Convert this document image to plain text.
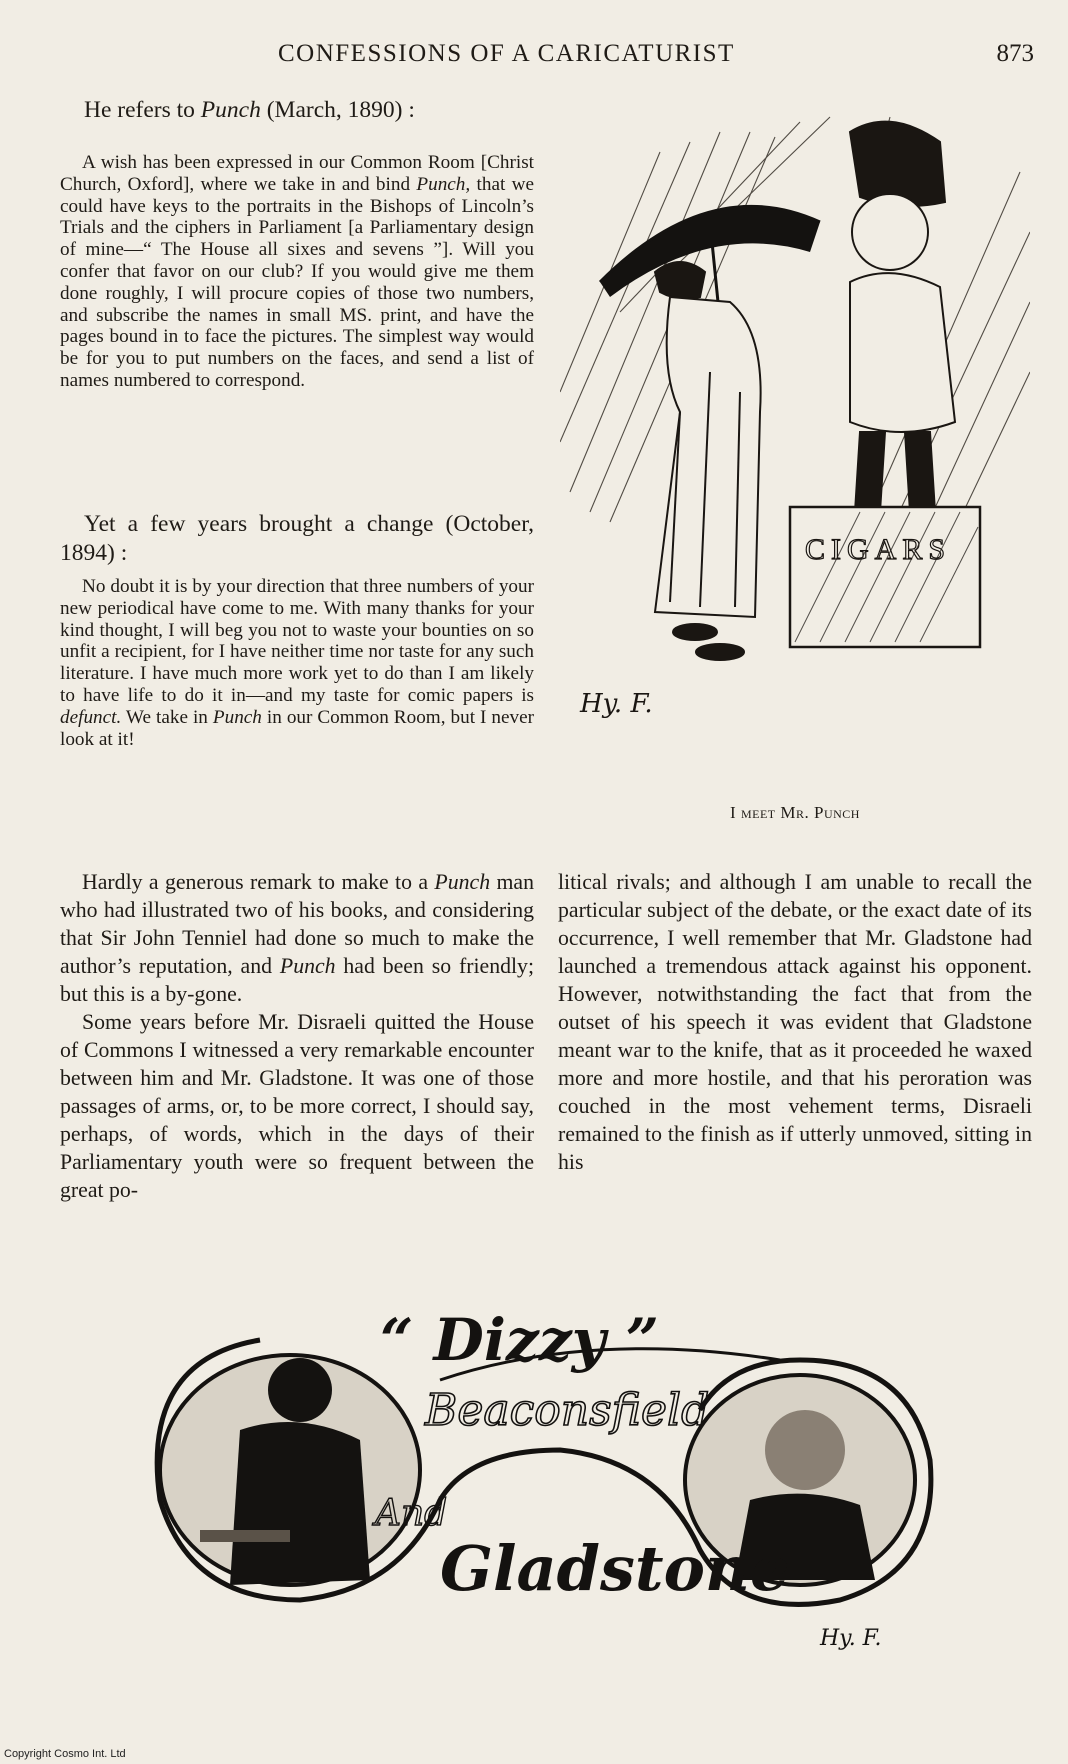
CONFESSIONS OF A CARICATURIST	873

He refers to Punch (March, 1890) :

A wish has been expressed in our Common Room [Christ Church, Oxford], where we take in and bind Punch, that we could have keys to the portraits in the Bishops of Lincoln’s Trials and the ciphers in Parliament [a Parliamentary design of mine—“ The House all sixes and sevens ”]. Will you confer that favor on our club? If you would give me them done roughly, I will procure copies of those two numbers, and subscribe the names in small MS. print, and have the pages bound in to face the pictures. The simplest way would be for you to put numbers on the faces, and send a list of names numbered to correspond.

Yet a few years brought a change (October, 1894) :

No doubt it is by your direction that three numbers of your new periodical have come to me. With many thanks for your kind thought, I will beg you not to waste your bounties on so unfit a recipient, for I have neither time nor taste for any such literature. I have much more work yet to do than I am likely to have life to do it in—and my taste for comic papers is defunct. We take in Punch in our Common Room, but I never look at it!

CIGARS
Hy. F.
I meet Mr. Punch

Hardly a generous remark to make to a Punch man who had illustrated two of his books, and considering that Sir John Tenniel had done so much to make the author’s reputation, and Punch had been so friendly; but this is a by-gone.

Some years before Mr. Disraeli quitted the House of Commons I witnessed a very remarkable encounter between him and Mr. Gladstone. It was one of those passages of arms, or, to be more correct, I should say, perhaps, of words, which in the days of their Parliamentary youth were so frequent between the great po-

litical rivals; and although I am unable to recall the particular subject of the debate, or the exact date of its occurrence, I well remember that Mr. Gladstone had launched a tremendous attack against his opponent. However, notwithstanding the fact that from the outset of his speech it was evident that Gladstone meant war to the knife, that as it proceeded he waxed more and more hostile, and that his peroration was couched in the most vehement terms, Disraeli remained to the finish as if utterly unmoved, sitting in his

“ Dizzy ”
Beaconsfield
And
Gladstone
Hy. F.
Copyright Cosmo Int. Ltd
